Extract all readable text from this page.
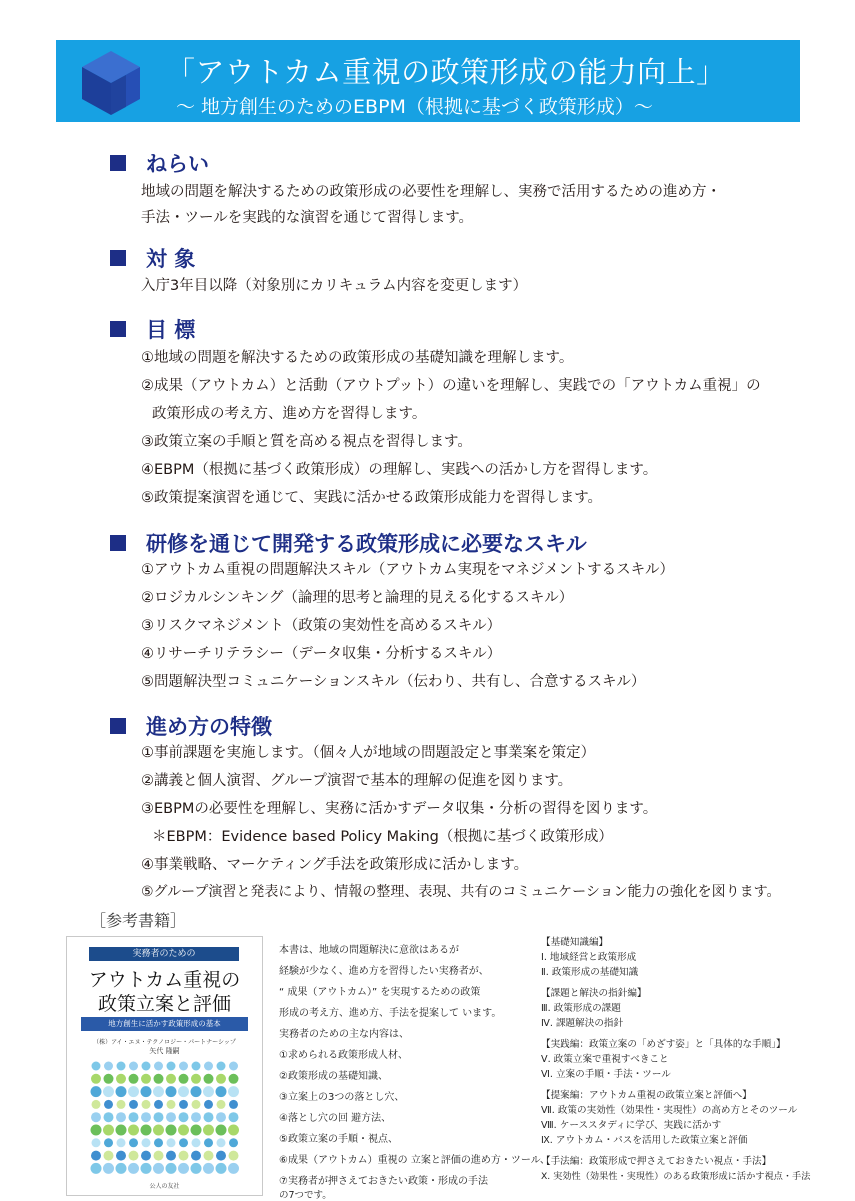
「アウトカム重視の政策形成の能力向上」
〜 地方創生のためのEBPM（根拠に基づく政策形成）〜
ねらい
地域の問題を解決するための政策形成の必要性を理解し、実務で活用するための進め方・
手法・ツールを実践的な演習を通じて習得します。
対 象
入庁3年目以降（対象別にカリキュラム内容を変更します）
目 標
①地域の問題を解決するための政策形成の基礎知識を理解します。
②成果（アウトカム）と活動（アウトプット）の違いを理解し、実践での「アウトカム重視」の
政策形成の考え方、進め方を習得します。
③政策立案の手順と質を高める視点を習得します。
④EBPM（根拠に基づく政策形成）の理解し、実践への活かし方を習得します。
⑤政策提案演習を通じて、実践に活かせる政策形成能力を習得します。
研修を通じて開発する政策形成に必要なスキル
①アウトカム重視の問題解決スキル（アウトカム実現をマネジメントするスキル）
②ロジカルシンキング（論理的思考と論理的見える化するスキル）
③リスクマネジメント（政策の実効性を高めるスキル）
④リサーチリテラシー（データ収集・分析するスキル）
⑤問題解決型コミュニケーションスキル（伝わり、共有し、合意するスキル）
進め方の特徴
①事前課題を実施します。（個々人が地域の問題設定と事業案を策定）
②講義と個人演習、グループ演習で基本的理解の促進を図ります。
③EBPMの必要性を理解し、実務に活かすデータ収集・分析の習得を図ります。
＊EBPM：Evidence based Policy Making（根拠に基づく政策形成）
④事業戦略、マーケティング手法を政策形成に活かします。
⑤グループ演習と発表により、情報の整理、表現、共有のコミュニケーション能力の強化を図ります。
［参考書籍］
実務者のための
アウトカム重視の
政策立案と評価
地方創生に活かす政策形成の基本
（株）アイ・エヌ・テクノロジー・パートナーシップ
矢代 隆嗣
公人の友社
本書は、地域の問題解決に意欲はあるが
経験が少なく、進め方を習得したい実務者が、
“ 成果（アウトカム）” を実現するための政策
形成の考え方、進め方、手法を提案して います。
実務者のための主な内容は、
①求められる政策形成人材、
②政策形成の基礎知識、
③立案上の3つの落とし穴、
④落とし穴の回 避方法、
⑤政策立案の手順・視点、
⑥成果（アウトカム）重視の 立案と評価の進め方・ツール、
⑦実務者が押さえておきたい政策・形成の手法
の7つです。
【基礎知識編】
Ⅰ. 地域経営と政策形成
Ⅱ. 政策形成の基礎知識
【課題と解決の指針編】
Ⅲ. 政策形成の課題
Ⅳ. 課題解決の指針
【実践編：政策立案の「めざす姿」と「具体的な手順」】
Ⅴ. 政策立案で重視すべきこと
Ⅵ. 立案の手順・手法・ツール
【提案編：アウトカム重視の政策立案と評価へ】
Ⅶ. 政策の実効性（効果性・実現性）の高め方とそのツール
Ⅷ. ケーススタディに学び、実践に活かす
Ⅸ. アウトカム・パスを活用した政策立案と評価
【手法編：政策形成で押さえておきたい視点・手法】
Ⅹ. 実効性（効果性・実現性）のある政策形成に活かす視点・手法
